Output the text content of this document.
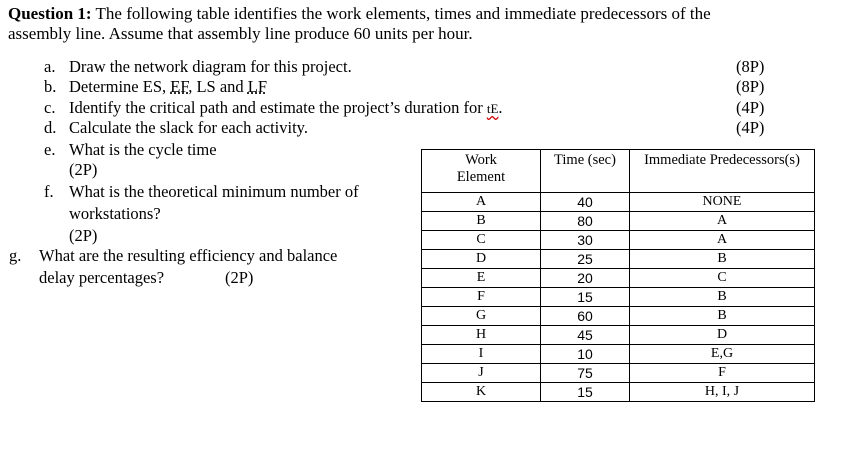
Question 1: The following table identifies the work elements, times and immediate predecessors of the
assembly line. Assume that assembly line produce 60 units per hour.
a. Draw the network diagram for this project.	(8P)
b. Determine ES, EF, LS and LF	(8P)
c. Identify the critical path and estimate the project’s duration for tE.	(4P)
d. Calculate the slack for each activity.	(4P)
e. What is the cycle time
(2P)
f. What is the theoretical minimum number of
workstations?
(2P)
g. What are the resulting efficiency and balance
delay percentages?	(2P)
Work Element	Time (sec)	Immediate Predecessors(s)
A	40	NONE
B	80	A
C	30	A
D	25	B
E	20	C
F	15	B
G	60	B
H	45	D
I	10	E,G
J	75	F
K	15	H, I, J
